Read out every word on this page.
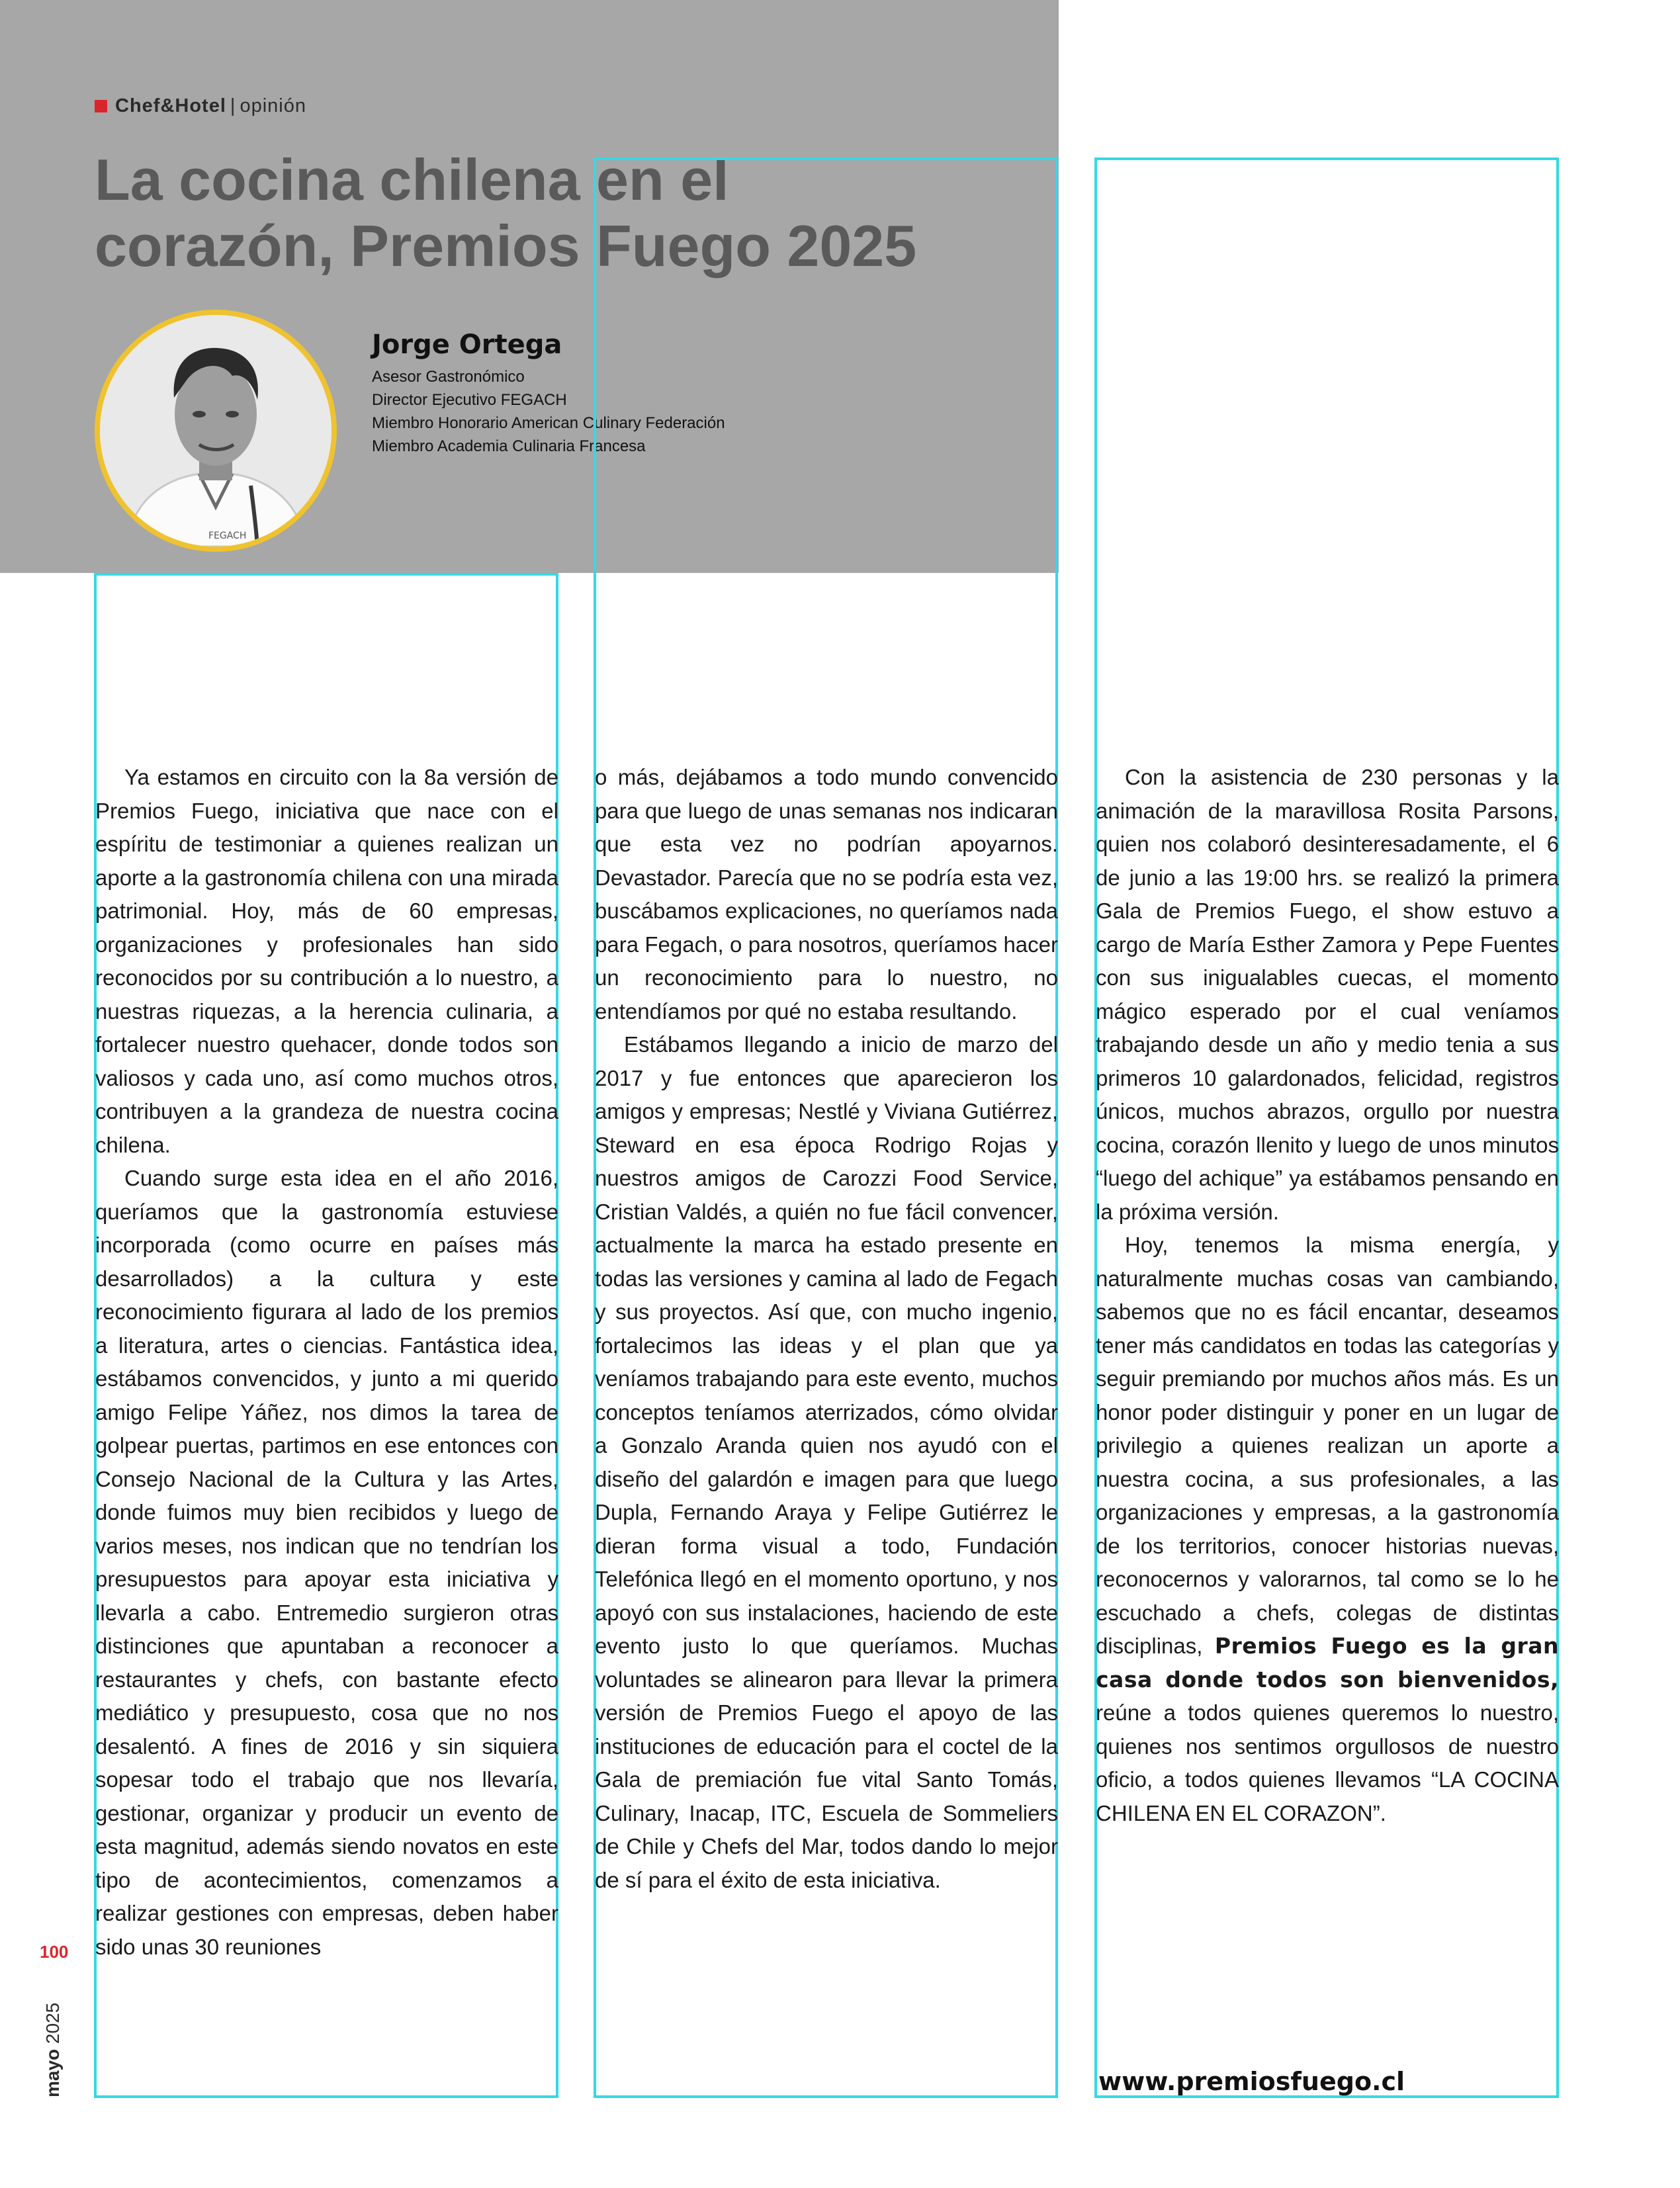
Chef&Hotel | opinión
La cocina chilena en el
corazón, Premios Fuego 2025
FEGACH
Jorge Ortega
Asesor Gastronómico
Director Ejecutivo FEGACH
Miembro Honorario American Culinary Federación
Miembro Academia Culinaria Francesa

Ya estamos en circuito con la 8a versión de Premios Fuego, iniciativa que nace con el espíritu de testimoniar a quienes realizan un aporte a la gastronomía chilena con una mirada patrimonial. Hoy, más de 60 empresas, organizaciones y profesionales han sido reconocidos por su contribución a lo nuestro, a nuestras riquezas, a la herencia culinaria, a fortalecer nuestro quehacer, donde todos son valiosos y cada uno, así como muchos otros, contribuyen a la grandeza de nuestra cocina chilena.

Cuando surge esta idea en el año 2016, queríamos que la gastronomía estuviese incorporada (como ocurre en países más desarrollados) a la cultura y este reconocimiento figurara al lado de los premios a literatura, artes o ciencias. Fantástica idea, estábamos convencidos, y junto a mi querido amigo Felipe Yáñez, nos dimos la tarea de golpear puertas, partimos en ese entonces con Consejo Nacional de la Cultura y las Artes, donde fuimos muy bien recibidos y luego de varios meses, nos indican que no tendrían los presupuestos para apoyar esta iniciativa y llevarla a cabo. Entremedio surgieron otras distinciones que apuntaban a reconocer a restaurantes y chefs, con bastante efecto mediático y presupuesto, cosa que no nos desalentó. A fines de 2016 y sin siquiera sopesar todo el trabajo que nos llevaría, gestionar, organizar y producir un evento de esta magnitud, además siendo novatos en este tipo de acontecimientos, comenzamos a realizar gestiones con empresas, deben haber sido unas 30 reuniones

o más, dejábamos a todo mundo convencido para que luego de unas semanas nos indicaran que esta vez no podrían apoyarnos. Devastador. Parecía que no se podría esta vez, buscábamos explicaciones, no queríamos nada para Fegach, o para nosotros, queríamos hacer un reconocimiento para lo nuestro, no entendíamos por qué no estaba resultando.

Estábamos llegando a inicio de marzo del 2017 y fue entonces que aparecieron los amigos y empresas; Nestlé y Viviana Gutiérrez, Steward en esa época Rodrigo Rojas y nuestros amigos de Carozzi Food Service, Cristian Valdés, a quién no fue fácil convencer, actualmente la marca ha estado presente en todas las versiones y camina al lado de Fegach y sus proyectos. Así que, con mucho ingenio, fortalecimos las ideas y el plan que ya veníamos trabajando para este evento, muchos conceptos teníamos aterrizados, cómo olvidar a Gonzalo Aranda quien nos ayudó con el diseño del galardón e imagen para que luego Dupla, Fernando Araya y Felipe Gutiérrez le dieran forma visual a todo, Fundación Telefónica llegó en el momento oportuno, y nos apoyó con sus instalaciones, haciendo de este evento justo lo que queríamos. Muchas voluntades se alinearon para llevar la primera versión de Premios Fuego el apoyo de las instituciones de educación para el coctel de la Gala de premiación fue vital Santo Tomás, Culinary, Inacap, ITC, Escuela de Sommeliers de Chile y Chefs del Mar, todos dando lo mejor de sí para el éxito de esta iniciativa.

Con la asistencia de 230 personas y la animación de la maravillosa Rosita Parsons, quien nos colaboró desinteresadamente, el 6 de junio a las 19:00 hrs. se realizó la primera Gala de Premios Fuego, el show estuvo a cargo de María Esther Zamora y Pepe Fuentes con sus inigualables cuecas, el momento mágico esperado por el cual veníamos trabajando desde un año y medio tenia a sus primeros 10 galardonados, felicidad, registros únicos, muchos abrazos, orgullo por nuestra cocina, corazón llenito y luego de unos minutos “luego del achique” ya estábamos pensando en la próxima versión.

Hoy, tenemos la misma energía, y naturalmente muchas cosas van cambiando, sabemos que no es fácil encantar, deseamos tener más candidatos en todas las categorías y seguir premiando por muchos años más. Es un honor poder distinguir y poner en un lugar de privilegio a quienes realizan un aporte a nuestra cocina, a sus profesionales, a las organizaciones y empresas, a la gastronomía de los territorios, conocer historias nuevas, reconocernos y valorarnos, tal como se lo he escuchado a chefs, colegas de distintas disciplinas, Premios Fuego es la gran casa donde todos son bienvenidos, reúne a todos quienes queremos lo nuestro, quienes nos sentimos orgullosos de nuestro oficio, a todos quienes llevamos “LA COCINA CHILENA EN EL CORAZON”.

www.premiosfuego.cl
100
mayo 2025
